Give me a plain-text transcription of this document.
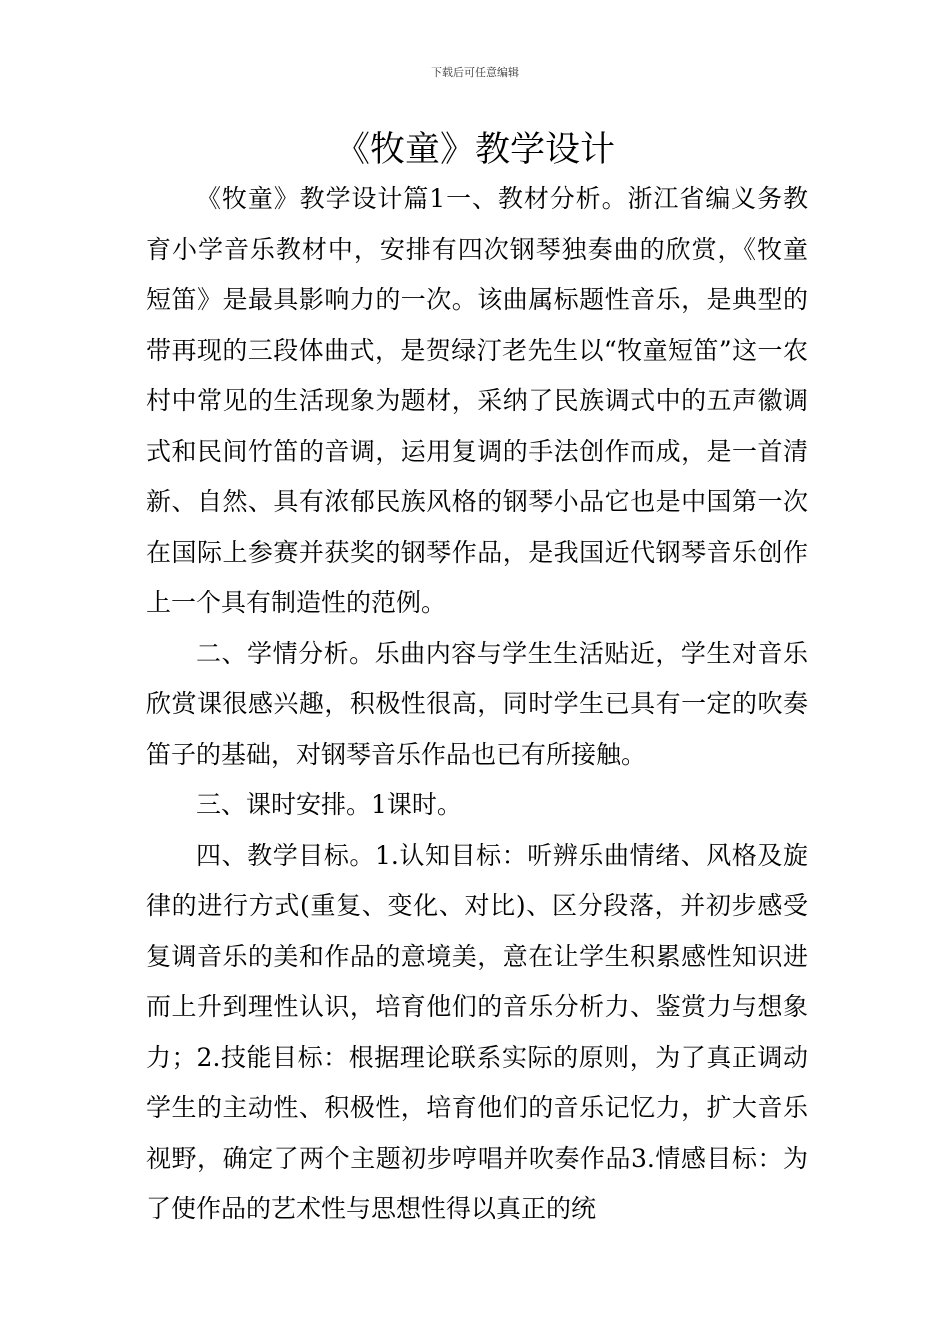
下载后可任意编辑
《牧童》教学设计

《牧童》教学设计篇1一、教材分析。浙江省编义务教育小学音乐教材中，安排有四次钢琴独奏曲的欣赏，《牧童短笛》是最具影响力的一次。该曲属标题性音乐，是典型的带再现的三段体曲式，是贺绿汀老先生以“牧童短笛”这一农村中常见的生活现象为题材，采纳了民族调式中的五声徽调式和民间竹笛的音调，运用复调的手法创作而成，是一首清新、自然、具有浓郁民族风格的钢琴小品它也是中国第一次在国际上参赛并获奖的钢琴作品，是我国近代钢琴音乐创作上一个具有制造性的范例。

二、学情分析。乐曲内容与学生生活贴近，学生对音乐欣赏课很感兴趣，积极性很高，同时学生已具有一定的吹奏笛子的基础，对钢琴音乐作品也已有所接触。

三、课时安排。1课时。

四、教学目标。1.认知目标：听辨乐曲情绪、风格及旋律的进行方式(重复、变化、对比)、区分段落，并初步感受复调音乐的美和作品的意境美，意在让学生积累感性知识进而上升到理性认识，培育他们的音乐分析力、鉴赏力与想象力；2.技能目标：根据理论联系实际的原则，为了真正调动学生的主动性、积极性，培育他们的音乐记忆力，扩大音乐视野，确定了两个主题初步哼唱并吹奏作品3.情感目标：为了使作品的艺术性与思想性得以真正的统
